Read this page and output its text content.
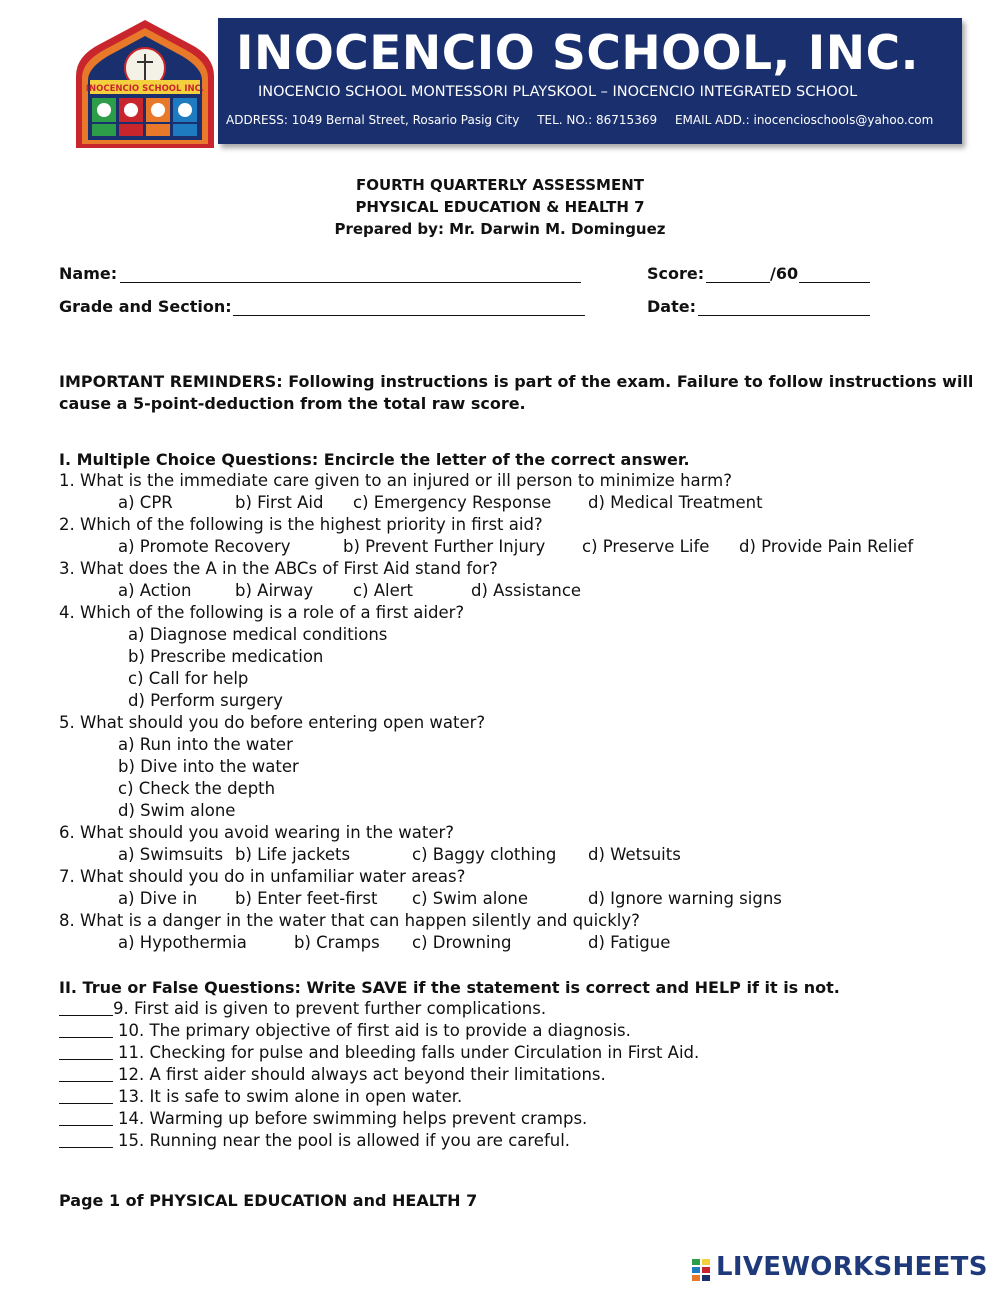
INOCENCIO SCHOOL INC.
INOCENCIO SCHOOL, INC.
INOCENCIO SCHOOL MONTESSORI PLAYSKOOL – INOCENCIO INTEGRATED SCHOOL
ADDRESS: 1049 Bernal Street, Rosario Pasig City TEL. NO.: 86715369 EMAIL ADD.: inocencioschools@yahoo.com
FOURTH QUARTERLY ASSESSMENT
PHYSICAL EDUCATION & HEALTH 7
Prepared by: Mr. Darwin M. Dominguez
Name:	Score:	/60
Grade and Section:	Date:
IMPORTANT REMINDERS: Following instructions is part of the exam. Failure to follow instructions will
cause a 5-point-deduction from the total raw score.
I. Multiple Choice Questions: Encircle the letter of the correct answer.
1. What is the immediate care given to an injured or ill person to minimize harm?
a) CPR	b) First Aid c) Emergency Response d) Medical Treatment
2. Which of the following is the highest priority in first aid?
a) Promote Recovery	b) Prevent Further Injury c) Preserve Life d) Provide Pain Relief
3. What does the A in the ABCs of First Aid stand for?
a) Action	b) Airway c) Alert	d) Assistance
4. Which of the following is a role of a first aider?
a) Diagnose medical conditions
b) Prescribe medication
c) Call for help
d) Perform surgery
5. What should you do before entering open water?
a) Run into the water
b) Dive into the water
c) Check the depth
d) Swim alone
6. What should you avoid wearing in the water?
a) Swimsuits b) Life jackets	c) Baggy clothing d) Wetsuits
7. What should you do in unfamiliar water areas?
a) Dive in b) Enter feet-first c) Swim alone	d) Ignore warning signs
8. What is a danger in the water that can happen silently and quickly?
a) Hypothermia	b) Cramps c) Drowning	d) Fatigue
II. True or False Questions: Write SAVE if the statement is correct and HELP if it is not.
9. First aid is given to prevent further complications.
10. The primary objective of first aid is to provide a diagnosis.
11. Checking for pulse and bleeding falls under Circulation in First Aid.
12. A first aider should always act beyond their limitations.
13. It is safe to swim alone in open water.
14. Warming up before swimming helps prevent cramps.
15. Running near the pool is allowed if you are careful.
Page 1 of PHYSICAL EDUCATION and HEALTH 7
LIVEWORKSHEETS
